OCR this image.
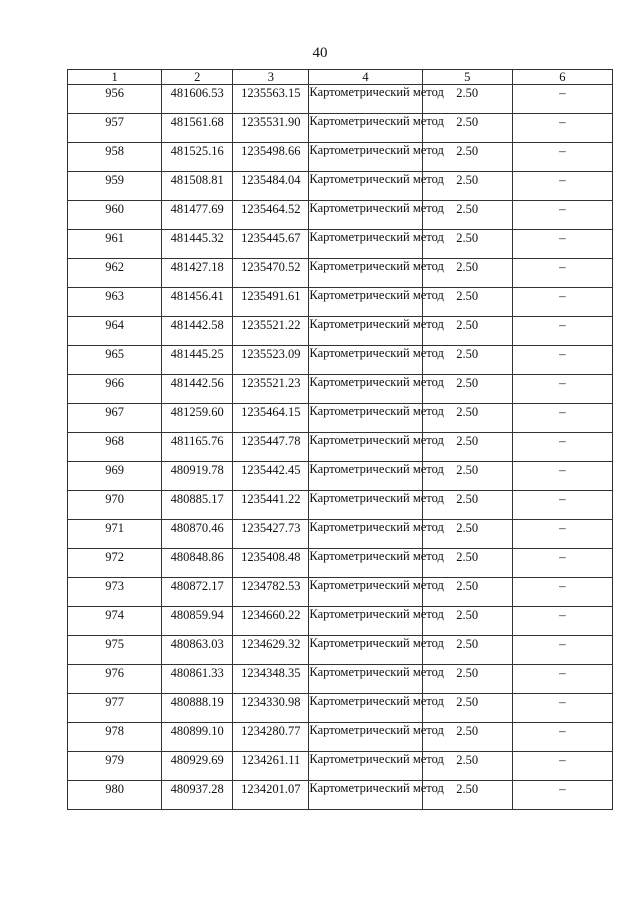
40
1	2	3	4	5	6
956	481606.53	1235563.15	Картометрический метод	2.50	–
957	481561.68	1235531.90	Картометрический метод	2.50	–
958	481525.16	1235498.66	Картометрический метод	2.50	–
959	481508.81	1235484.04	Картометрический метод	2.50	–
960	481477.69	1235464.52	Картометрический метод	2.50	–
961	481445.32	1235445.67	Картометрический метод	2.50	–
962	481427.18	1235470.52	Картометрический метод	2.50	–
963	481456.41	1235491.61	Картометрический метод	2.50	–
964	481442.58	1235521.22	Картометрический метод	2.50	–
965	481445.25	1235523.09	Картометрический метод	2.50	–
966	481442.56	1235521.23	Картометрический метод	2.50	–
967	481259.60	1235464.15	Картометрический метод	2.50	–
968	481165.76	1235447.78	Картометрический метод	2.50	–
969	480919.78	1235442.45	Картометрический метод	2.50	–
970	480885.17	1235441.22	Картометрический метод	2.50	–
971	480870.46	1235427.73	Картометрический метод	2.50	–
972	480848.86	1235408.48	Картометрический метод	2.50	–
973	480872.17	1234782.53	Картометрический метод	2.50	–
974	480859.94	1234660.22	Картометрический метод	2.50	–
975	480863.03	1234629.32	Картометрический метод	2.50	–
976	480861.33	1234348.35	Картометрический метод	2.50	–
977	480888.19	1234330.98	Картометрический метод	2.50	–
978	480899.10	1234280.77	Картометрический метод	2.50	–
979	480929.69	1234261.11	Картометрический метод	2.50	–
980	480937.28	1234201.07	Картометрический метод	2.50	–
